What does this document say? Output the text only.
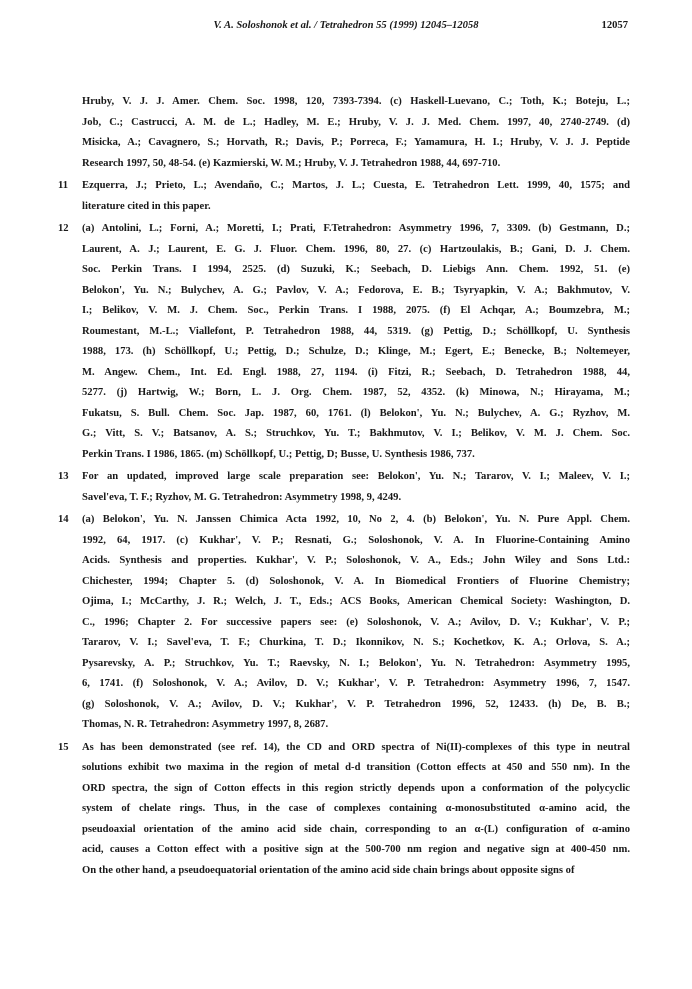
V. A. Soloshonok et al. / Tetrahedron 55 (1999) 12045–12058	12057
Hruby, V. J. J. Amer. Chem. Soc. 1998, 120, 7393-7394. (c) Haskell-Luevano, C.; Toth, K.; Boteju, L.;
Job, C.; Castrucci, A. M. de L.; Hadley, M. E.; Hruby, V. J. J. Med. Chem. 1997, 40, 2740-2749. (d)
Misicka, A.; Cavagnero, S.; Horvath, R.; Davis, P.; Porreca, F.; Yamamura, H. I.; Hruby, V. J. J. Peptide
Research 1997, 50, 48-54. (e) Kazmierski, W. M.; Hruby, V. J. Tetrahedron 1988, 44, 697-710.
11	Ezquerra, J.; Prieto, L.; Avendaño, C.; Martos, J. L.; Cuesta, E. Tetrahedron Lett. 1999, 40, 1575; and
literature cited in this paper.
12	(a) Antolini, L.; Forni, A.; Moretti, I.; Prati, F.Tetrahedron: Asymmetry 1996, 7, 3309. (b) Gestmann, D.;
Laurent, A. J.; Laurent, E. G. J. Fluor. Chem. 1996, 80, 27. (c) Hartzoulakis, B.; Gani, D. J. Chem.
Soc. Perkin Trans. I 1994, 2525. (d) Suzuki, K.; Seebach, D. Liebigs Ann. Chem. 1992, 51. (e)
Belokon', Yu. N.; Bulychev, A. G.; Pavlov, V. A.; Fedorova, E. B.; Tsyryapkin, V. A.; Bakhmutov, V.
I.; Belikov, V. M. J. Chem. Soc., Perkin Trans. I 1988, 2075. (f) El Achqar, A.; Boumzebra, M.;
Roumestant, M.-L.; Viallefont, P. Tetrahedron 1988, 44, 5319. (g) Pettig, D.; Schöllkopf, U. Synthesis
1988, 173. (h) Schöllkopf, U.; Pettig, D.; Schulze, D.; Klinge, M.; Egert, E.; Benecke, B.; Noltemeyer,
M. Angew. Chem., Int. Ed. Engl. 1988, 27, 1194. (i) Fitzi, R.; Seebach, D. Tetrahedron 1988, 44,
5277. (j) Hartwig, W.; Born, L. J. Org. Chem. 1987, 52, 4352. (k) Minowa, N.; Hirayama, M.;
Fukatsu, S. Bull. Chem. Soc. Jap. 1987, 60, 1761. (l) Belokon', Yu. N.; Bulychev, A. G.; Ryzhov, M.
G.; Vitt, S. V.; Batsanov, A. S.; Struchkov, Yu. T.; Bakhmutov, V. I.; Belikov, V. M. J. Chem. Soc.
Perkin Trans. I 1986, 1865. (m) Schöllkopf, U.; Pettig, D; Busse, U. Synthesis 1986, 737.
13	For an updated, improved large scale preparation see: Belokon', Yu. N.; Tararov, V. I.; Maleev, V. I.;
Savel'eva, T. F.; Ryzhov, M. G. Tetrahedron: Asymmetry 1998, 9, 4249.
14	(a) Belokon', Yu. N. Janssen Chimica Acta 1992, 10, No 2, 4. (b) Belokon', Yu. N. Pure Appl. Chem.
1992, 64, 1917. (c) Kukhar', V. P.; Resnati, G.; Soloshonok, V. A. In Fluorine-Containing Amino
Acids. Synthesis and properties. Kukhar', V. P.; Soloshonok, V. A., Eds.; John Wiley and Sons Ltd.:
Chichester, 1994; Chapter 5. (d) Soloshonok, V. A. In Biomedical Frontiers of Fluorine Chemistry;
Ojima, I.; McCarthy, J. R.; Welch, J. T., Eds.; ACS Books, American Chemical Society: Washington, D.
C., 1996; Chapter 2. For successive papers see: (e) Soloshonok, V. A.; Avilov, D. V.; Kukhar', V. P.;
Tararov, V. I.; Savel'eva, T. F.; Churkina, T. D.; Ikonnikov, N. S.; Kochetkov, K. A.; Orlova, S. A.;
Pysarevsky, A. P.; Struchkov, Yu. T.; Raevsky, N. I.; Belokon', Yu. N. Tetrahedron: Asymmetry 1995,
6, 1741. (f) Soloshonok, V. A.; Avilov, D. V.; Kukhar', V. P. Tetrahedron: Asymmetry 1996, 7, 1547.
(g) Soloshonok, V. A.; Avilov, D. V.; Kukhar', V. P. Tetrahedron 1996, 52, 12433. (h) De, B. B.;
Thomas, N. R. Tetrahedron: Asymmetry 1997, 8, 2687.
15	As has been demonstrated (see ref. 14), the CD and ORD spectra of Ni(II)-complexes of this type in neutral
solutions exhibit two maxima in the region of metal d-d transition (Cotton effects at 450 and 550 nm). In the
ORD spectra, the sign of Cotton effects in this region strictly depends upon a conformation of the polycyclic
system of chelate rings. Thus, in the case of complexes containing α-monosubstituted α-amino acid, the
pseudoaxial orientation of the amino acid side chain, corresponding to an α-(L) configuration of α-amino
acid, causes a Cotton effect with a positive sign at the 500-700 nm region and negative sign at 400-450 nm.
On the other hand, a pseudoequatorial orientation of the amino acid side chain brings about opposite signs of
